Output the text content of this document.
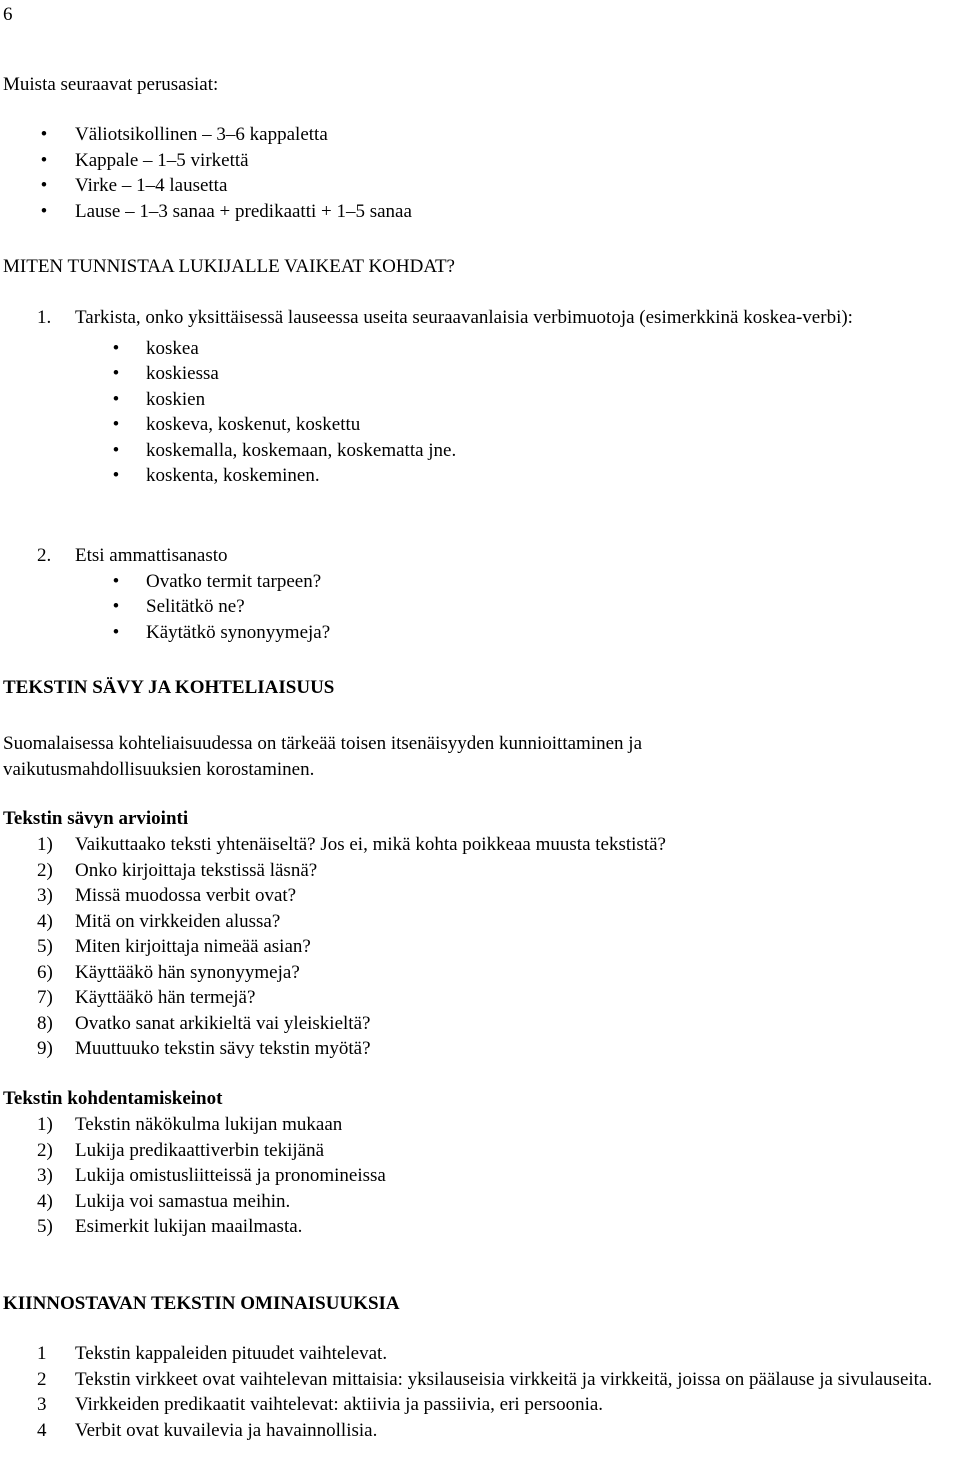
6
Muista seuraavat perusasiat:
•	Väliotsikollinen – 3–6 kappaletta
•	Kappale – 1–5 virkettä
•	Virke – 1–4 lausetta
•	Lause – 1–3 sanaa + predikaatti + 1–5 sanaa
MITEN TUNNISTAA LUKIJALLE VAIKEAT KOHDAT?
1. Tarkista, onko yksittäisessä lauseessa useita seuraavanlaisia verbimuotoja (esimerkkinä koskea-verbi):
•	koskea
•	koskiessa
•	koskien
•	koskeva, koskenut, koskettu
•	koskemalla, koskemaan, koskematta jne.
•	koskenta, koskeminen.
2. Etsi ammattisanasto
•	Ovatko termit tarpeen?
•	Selitätkö ne?
•	Käytätkö synonyymeja?
TEKSTIN SÄVY JA KOHTELIAISUUS
Suomalaisessa kohteliaisuudessa on tärkeää toisen itsenäisyyden kunnioittaminen ja vaikutusmahdollisuuksien korostaminen.
Tekstin sävyn arviointi
1) Vaikuttaako teksti yhtenäiseltä? Jos ei, mikä kohta poikkeaa muusta tekstistä?
2) Onko kirjoittaja tekstissä läsnä?
3) Missä muodossa verbit ovat?
4) Mitä on virkkeiden alussa?
5) Miten kirjoittaja nimeää asian?
6) Käyttääkö hän synonyymeja?
7) Käyttääkö hän termejä?
8) Ovatko sanat arkikieltä vai yleiskieltä?
9) Muuttuuko tekstin sävy tekstin myötä?
Tekstin kohdentamiskeinot
1) Tekstin näkökulma lukijan mukaan
2) Lukija predikaattiverbin tekijänä
3) Lukija omistusliitteissä ja pronomineissa
4) Lukija voi samastua meihin.
5) Esimerkit lukijan maailmasta.
KIINNOSTAVAN TEKSTIN OMINAISUUKSIA
1 Tekstin kappaleiden pituudet vaihtelevat.
2 Tekstin virkkeet ovat vaihtelevan mittaisia: yksilauseisia virkkeitä ja virkkeitä, joissa on päälause ja sivulauseita.
3 Virkkeiden predikaatit vaihtelevat: aktiivia ja passiivia, eri persoonia.
4 Verbit ovat kuvailevia ja havainnollisia.
